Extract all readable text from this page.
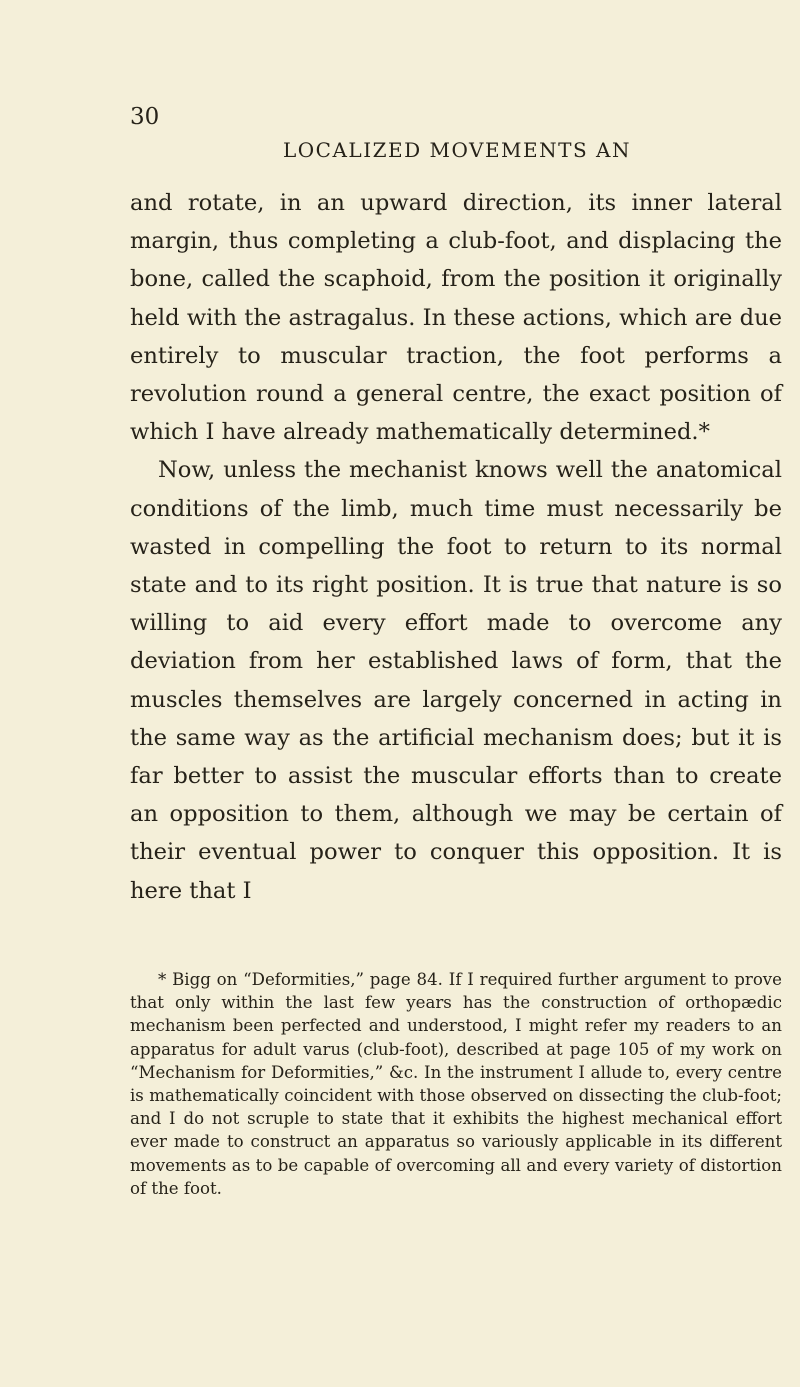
30
LOCALIZED MOVEMENTS AN

and rotate, in an upward direction, its inner lateral margin, thus completing a club-foot, and displacing the bone, called the scaphoid, from the position it originally held with the astragalus. In these actions, which are due entirely to muscular traction, the foot performs a revolution round a general centre, the exact position of which I have already mathematically determined.*

Now, unless the mechanist knows well the anatomical conditions of the limb, much time must necessarily be wasted in compelling the foot to return to its normal state and to its right position. It is true that nature is so willing to aid every effort made to overcome any deviation from her established laws of form, that the muscles themselves are largely concerned in acting in the same way as the artificial mechanism does; but it is far better to assist the muscular efforts than to create an opposition to them, although we may be certain of their eventual power to conquer this opposition. It is here that I

* Bigg on “Deformities,” page 84. If I required further argument to prove that only within the last few years has the construction of orthopædic mechanism been perfected and understood, I might refer my readers to an apparatus for adult varus (club-foot), described at page 105 of my work on “Mechanism for Deformities,” &c. In the instrument I allude to, every centre is mathematically coincident with those observed on dissecting the club-foot; and I do not scruple to state that it exhibits the highest mechanical effort ever made to construct an apparatus so variously applicable in its different movements as to be capable of overcoming all and every variety of distortion of the foot.
